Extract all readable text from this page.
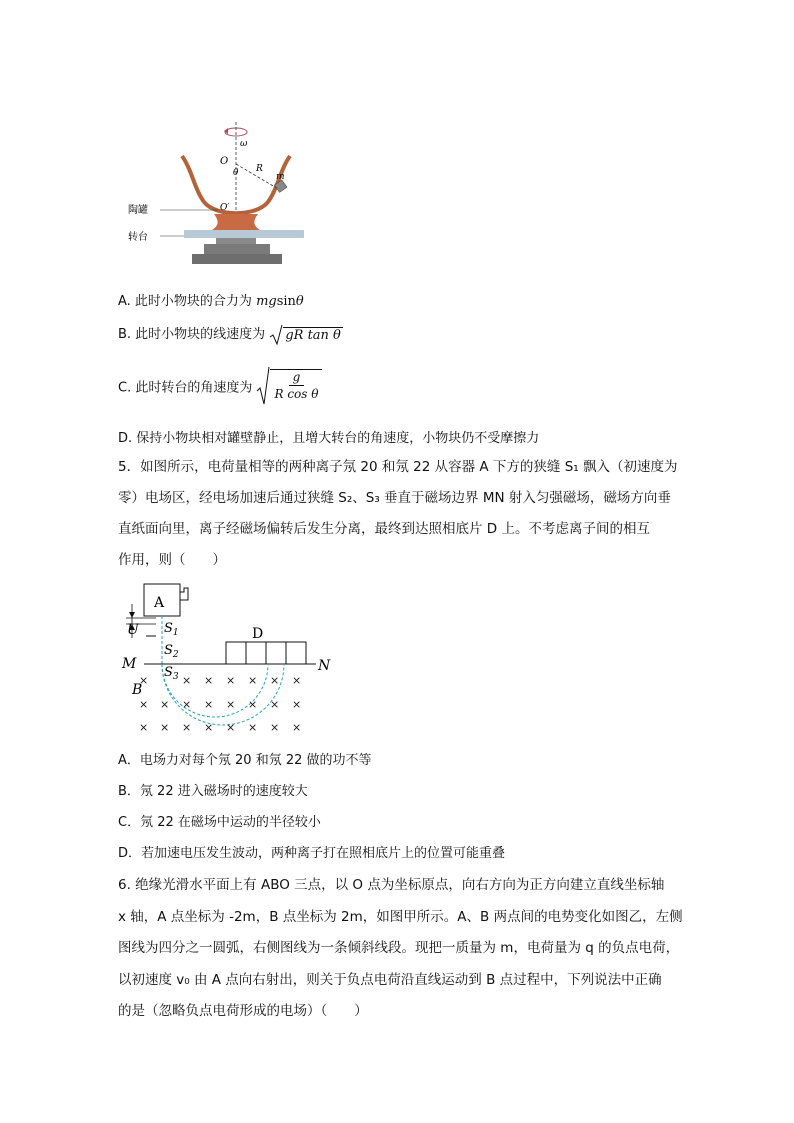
ω
O
θ R
m
O′
陶罐
转台
A. 此时小物块的合力为 mgsinθ
B. 此时小物块的线速度为 gR tan θ
C. 此时转台的角速度为 $\frac{g}{\text{R cos θ}}$
D. 保持小物块相对罐壁静止，且增大转台的角速度，小物块仍不受摩擦力
5．如图所示，电荷量相等的两种离子氖 20 和氖 22 从容器 A 下方的狭缝 S₁ 飘入（初速度为
零）电场区，经电场加速后通过狭缝 S₂、S₃ 垂直于磁场边界 MN 射入匀强磁场，磁场方向垂
直纸面向里，离子经磁场偏转后发生分离，最终到达照相底片 D 上。不考虑离子间的相互
作用，则（　　）
A
U $S_1$
$S_2$
$S_3$
M	N
D
B
×	× × × × × ×
× × × × × × × ×
× × × × × × × ×
A．电场力对每个氖 20 和氖 22 做的功不等
B．氖 22 进入磁场时的速度较大
C．氖 22 在磁场中运动的半径较小
D．若加速电压发生波动，两种离子打在照相底片上的位置可能重叠
6. 绝缘光滑水平面上有 ABO 三点，以 O 点为坐标原点，向右方向为正方向建立直线坐标轴
x 轴，A 点坐标为 -2m，B 点坐标为 2m，如图甲所示。A、B 两点间的电势变化如图乙，左侧
图线为四分之一圆弧，右侧图线为一条倾斜线段。现把一质量为 m，电荷量为 q 的负点电荷，
以初速度 v₀ 由 A 点向右射出，则关于负点电荷沿直线运动到 B 点过程中，下列说法中正确
的是（忽略负点电荷形成的电场）（　　）
